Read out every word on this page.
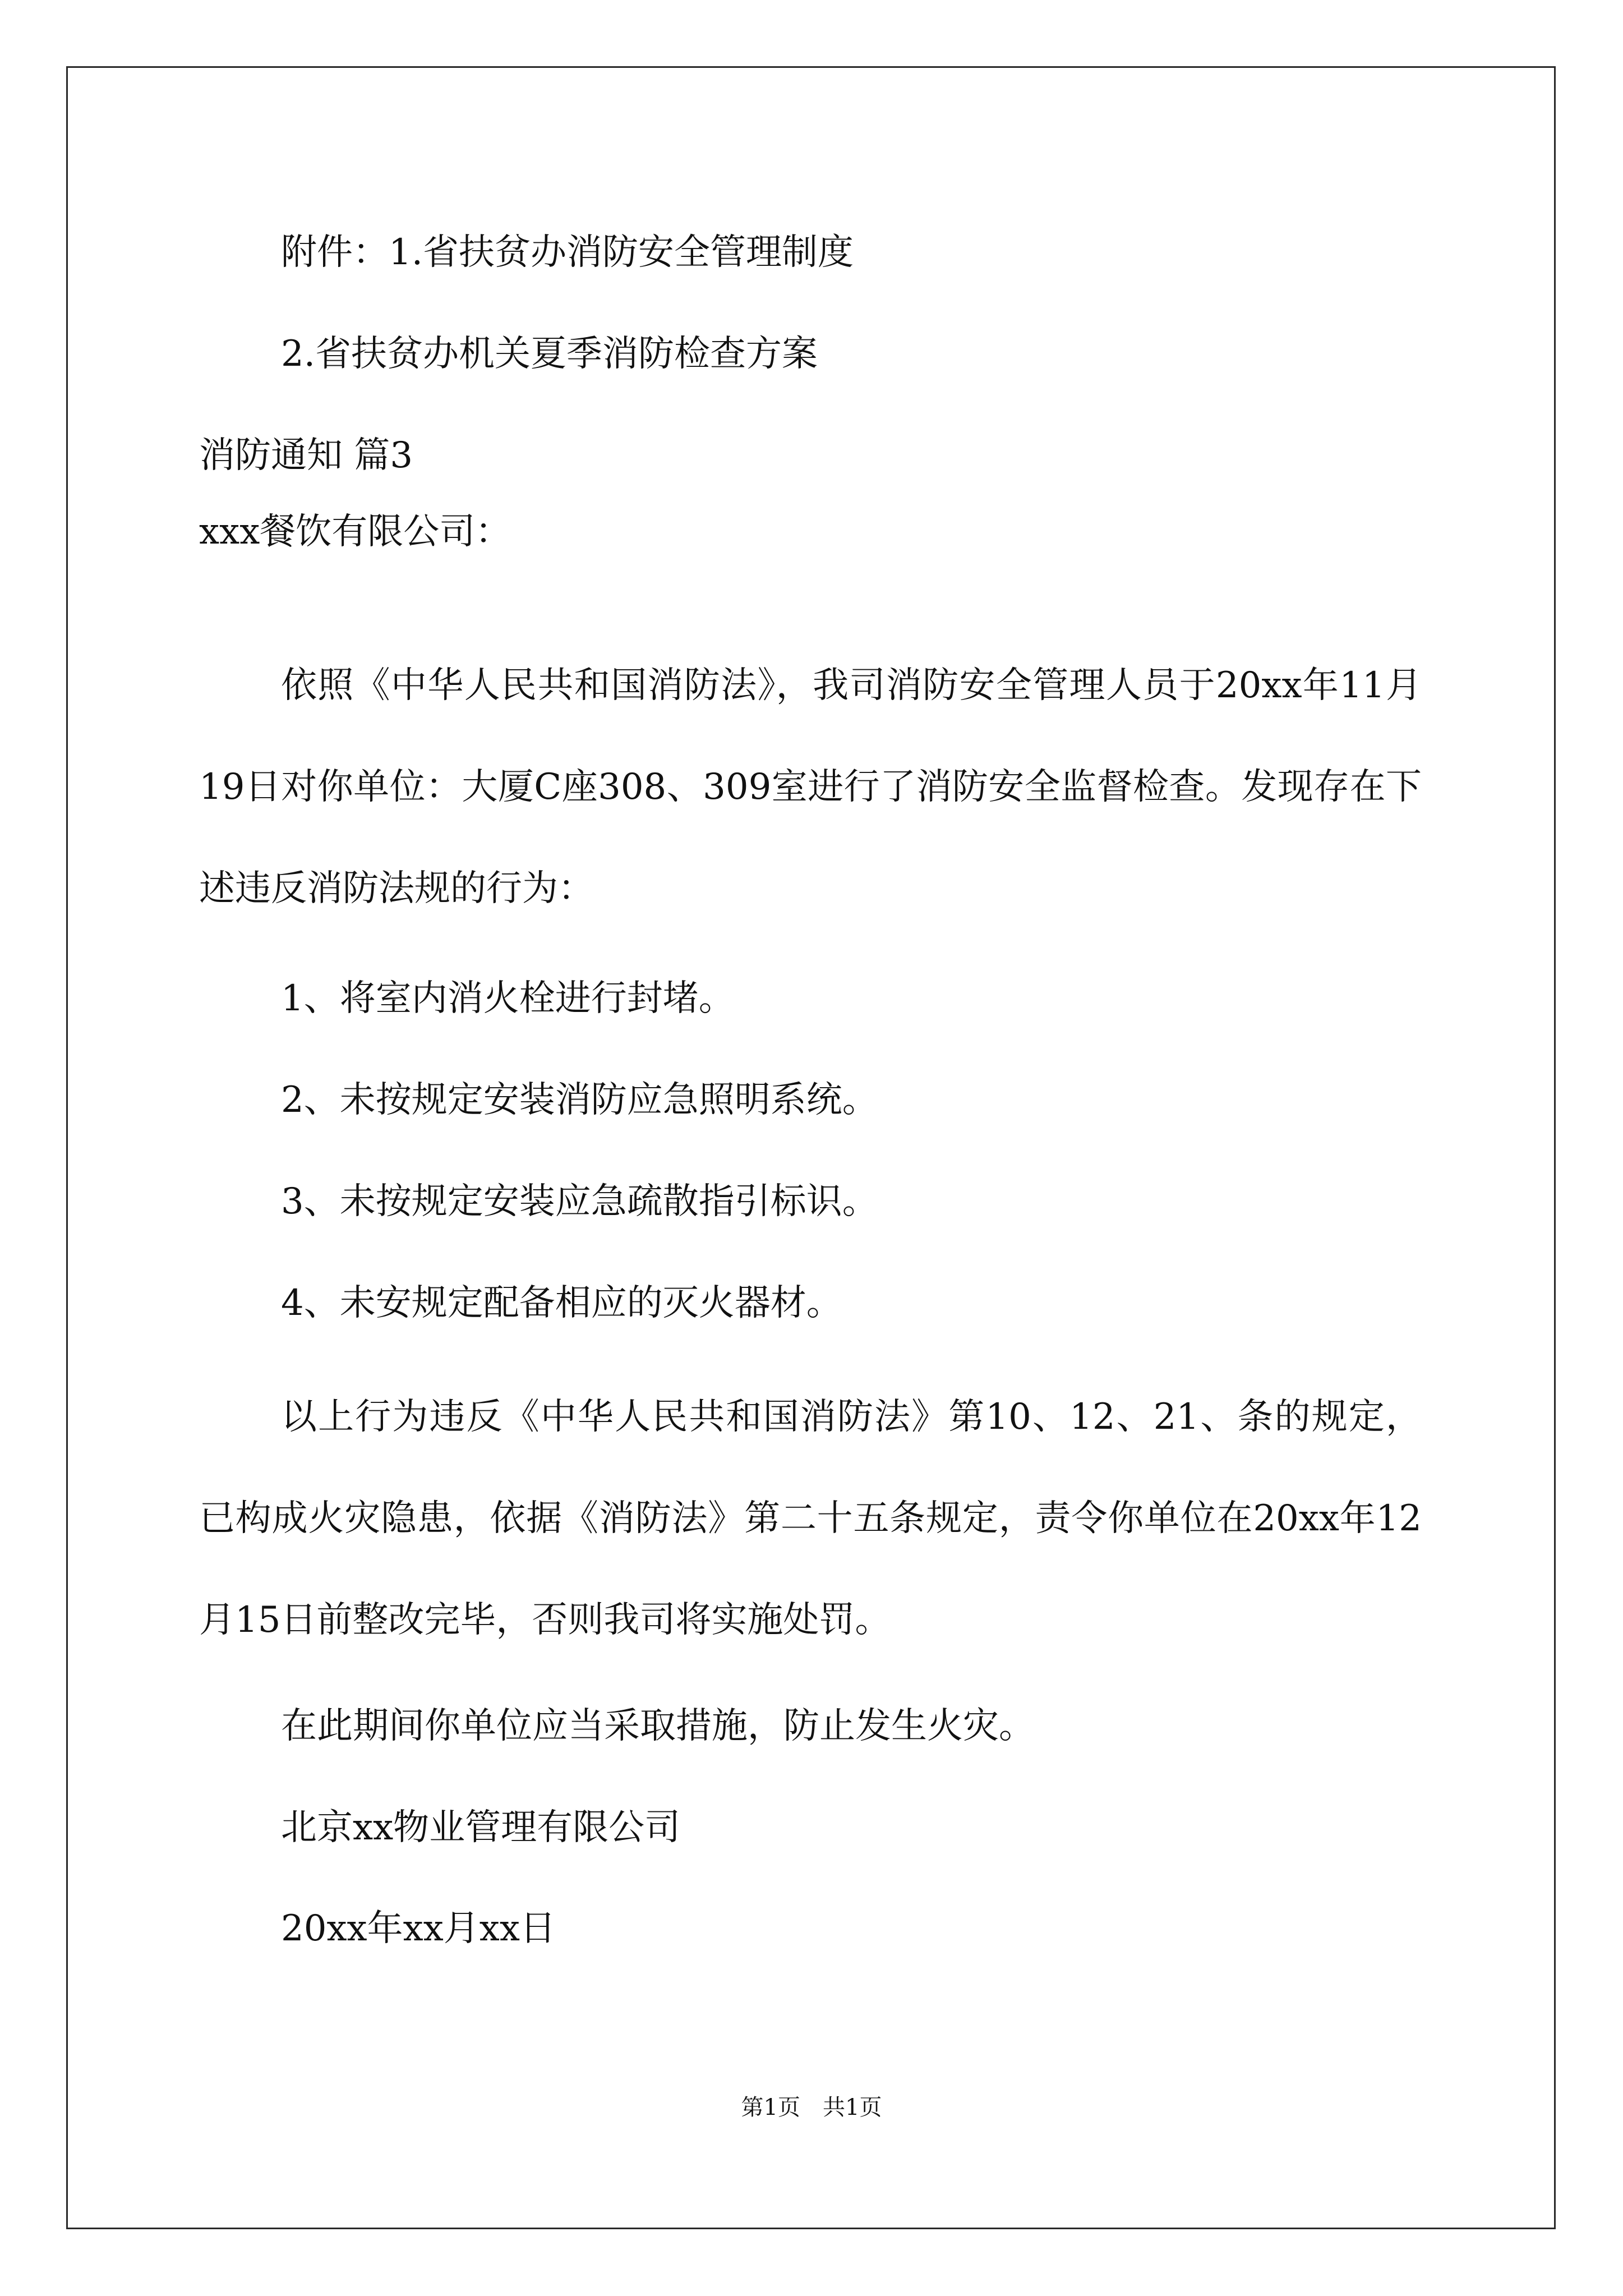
附件：1.省扶贫办消防安全管理制度
2.省扶贫办机关夏季消防检查方案
消防通知 篇3
xxx餐饮有限公司：
依照《中华人民共和国消防法》，我司消防安全管理人员于20xx年11月19日对你单位：大厦C座308、309室进行了消防安全监督检查。发现存在下述违反消防法规的行为：
1、将室内消火栓进行封堵。
2、未按规定安装消防应急照明系统。
3、未按规定安装应急疏散指引标识。
4、未安规定配备相应的灭火器材。
以上行为违反《中华人民共和国消防法》第10、12、21、条的规定，已构成火灾隐患，依据《消防法》第二十五条规定，责令你单位在20xx年12月15日前整改完毕，否则我司将实施处罚。
在此期间你单位应当采取措施，防止发生火灾。
北京xx物业管理有限公司
20xx年xx月xx日
第1页　共1页
